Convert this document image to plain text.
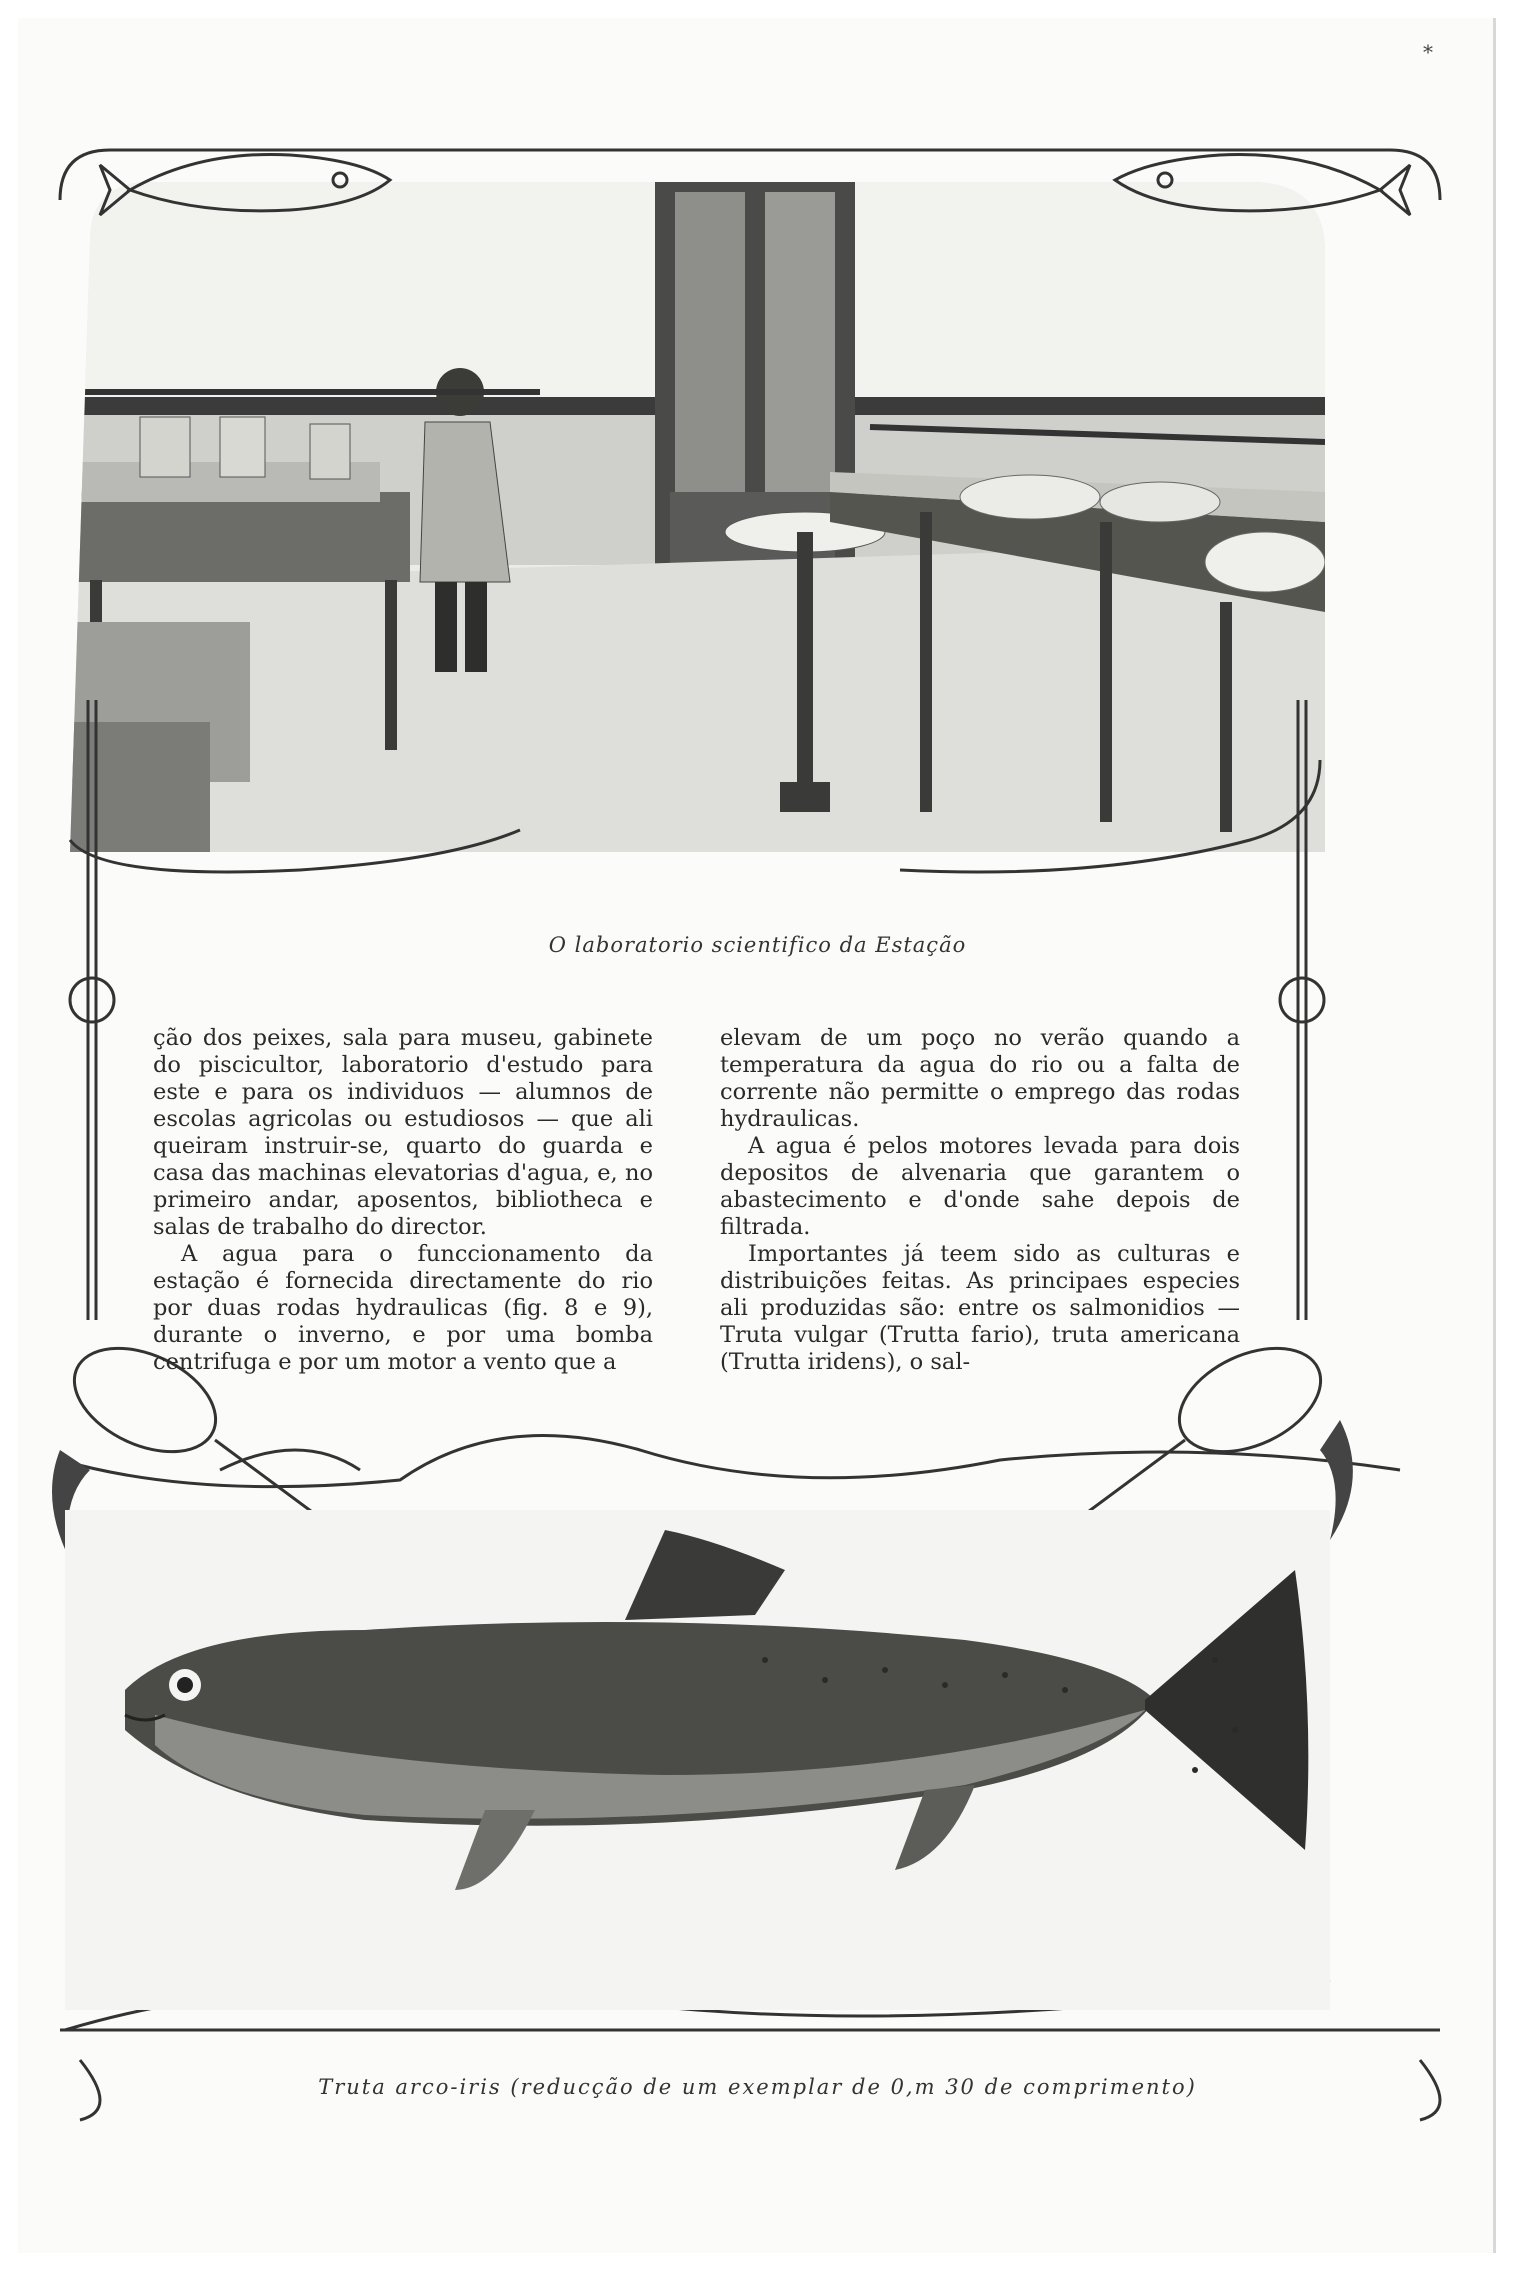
*
O laboratorio scientifico da Estação

ção dos peixes, sala para museu, gabinete do piscicultor, laboratorio d'estudo para este e para os individuos — alumnos de escolas agricolas ou estudiosos — que ali queiram instruir-se, quarto do guarda e casa das machinas elevatorias d'agua, e, no primeiro andar, aposentos, bibliotheca e salas de trabalho do director.

A agua para o funccionamento da estação é fornecida directamente do rio por duas rodas hydraulicas (fig. 8 e 9), durante o inverno, e por uma bomba centrifuga e por um motor a vento que a

elevam de um poço no verão quando a temperatura da agua do rio ou a falta de corrente não permitte o emprego das rodas hydraulicas.

A agua é pelos motores levada para dois depositos de alvenaria que garantem o abastecimento e d'onde sahe depois de filtrada.

Importantes já teem sido as culturas e distribuições feitas. As principaes especies ali produzidas são: entre os salmonidios — Truta vulgar (Trutta fario), truta americana (Trutta iridens), o sal-

Truta arco-iris (reducção de um exemplar de 0,m 30 de comprimento)
